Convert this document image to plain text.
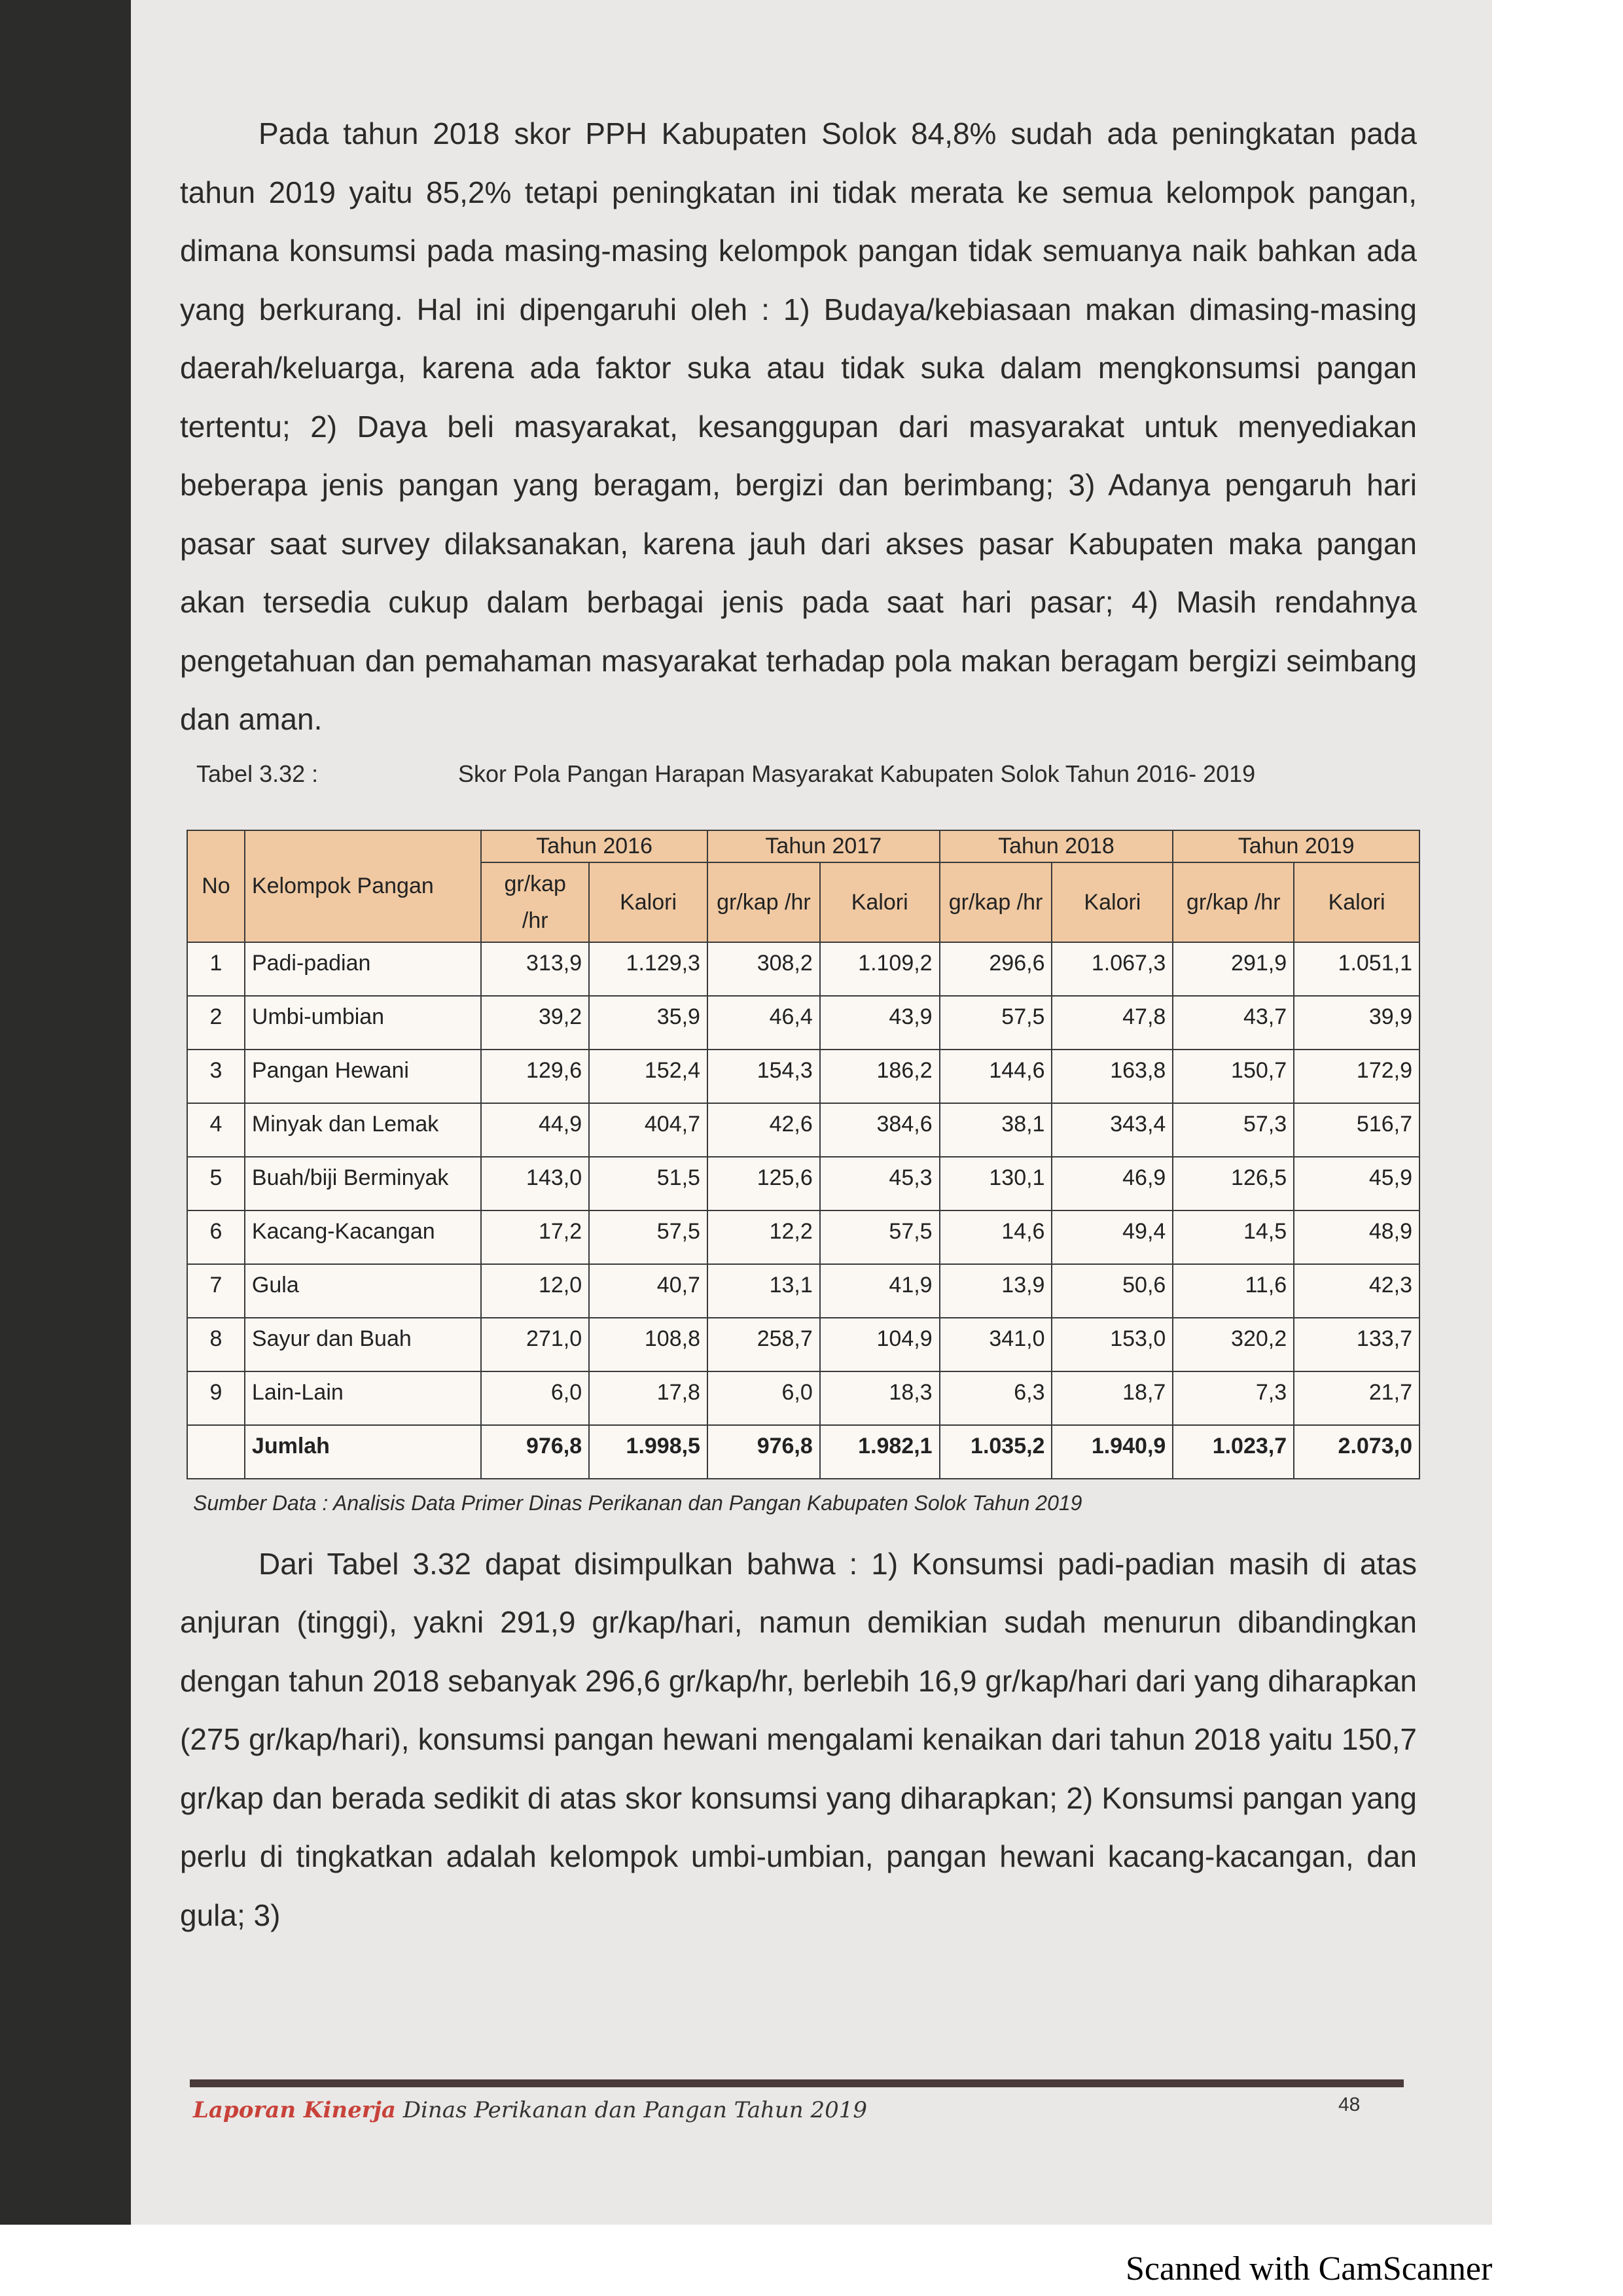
Pada tahun 2018 skor PPH Kabupaten Solok 84,8% sudah ada peningkatan pada tahun 2019 yaitu 85,2% tetapi peningkatan ini tidak merata ke semua kelompok pangan, dimana konsumsi pada masing-masing kelompok pangan tidak semuanya naik bahkan ada yang berkurang. Hal ini dipengaruhi oleh : 1) Budaya/kebiasaan makan dimasing-masing daerah/keluarga, karena ada faktor suka atau tidak suka dalam mengkonsumsi pangan tertentu; 2) Daya beli masyarakat, kesanggupan dari masyarakat untuk menyediakan beberapa jenis pangan yang beragam, bergizi dan berimbang; 3) Adanya pengaruh hari pasar saat survey dilaksanakan, karena jauh dari akses pasar Kabupaten maka pangan akan tersedia cukup dalam berbagai jenis pada saat hari pasar; 4) Masih rendahnya pengetahuan dan pemahaman masyarakat terhadap pola makan beragam bergizi seimbang dan aman.

Tabel 3.32 :	Skor Pola Pangan Harapan Masyarakat Kabupaten Solok Tahun 2016- 2019
No	Kelompok Pangan	Tahun 2016		Tahun 2017		Tahun 2018		Tahun 2019	
		gr/kap /hr	Kalori	gr/kap /hr	Kalori	gr/kap /hr	Kalori	gr/kap /hr	Kalori
1	Padi-padian	313,9	1.129,3	308,2	1.109,2	296,6	1.067,3	291,9	1.051,1
2	Umbi-umbian	39,2	35,9	46,4	43,9	57,5	47,8	43,7	39,9
3	Pangan Hewani	129,6	152,4	154,3	186,2	144,6	163,8	150,7	172,9
4	Minyak dan Lemak	44,9	404,7	42,6	384,6	38,1	343,4	57,3	516,7
5	Buah/biji Berminyak	143,0	51,5	125,6	45,3	130,1	46,9	126,5	45,9
6	Kacang-Kacangan	17,2	57,5	12,2	57,5	14,6	49,4	14,5	48,9
7	Gula	12,0	40,7	13,1	41,9	13,9	50,6	11,6	42,3
8	Sayur dan Buah	271,0	108,8	258,7	104,9	341,0	153,0	320,2	133,7
9	Lain-Lain	6,0	17,8	6,0	18,3	6,3	18,7	7,3	21,7
	Jumlah	976,8	1.998,5	976,8	1.982,1	1.035,2	1.940,9	1.023,7	2.073,0
Sumber Data : Analisis Data Primer Dinas Perikanan dan Pangan Kabupaten Solok Tahun 2019

Dari Tabel 3.32 dapat disimpulkan bahwa : 1) Konsumsi padi-padian masih di atas anjuran (tinggi), yakni 291,9 gr/kap/hari, namun demikian sudah menurun dibandingkan dengan tahun 2018 sebanyak 296,6 gr/kap/hr, berlebih 16,9 gr/kap/hari dari yang diharapkan (275 gr/kap/hari), konsumsi pangan hewani mengalami kenaikan dari tahun 2018 yaitu 150,7 gr/kap dan berada sedikit di atas skor konsumsi yang diharapkan; 2) Konsumsi pangan yang perlu di tingkatkan adalah kelompok umbi-umbian, pangan hewani kacang-kacangan, dan gula; 3)

Laporan Kinerja Dinas Perikanan dan Pangan Tahun 2019	48
Scanned with CamScanner
